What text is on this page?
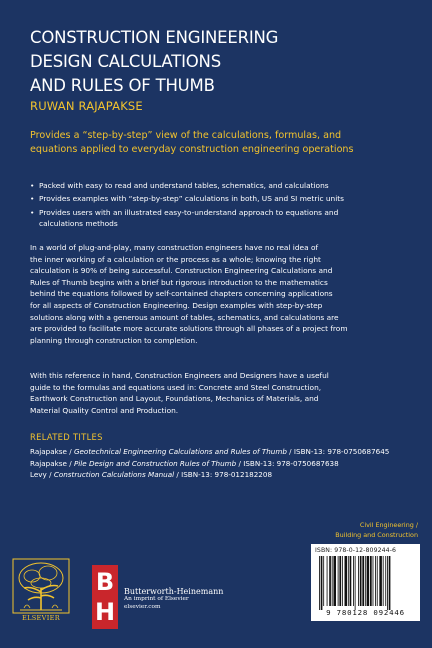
CONSTRUCTION ENGINEERING
DESIGN CALCULATIONS
AND RULES OF THUMB
RUWAN RAJAPAKSE
Provides a “step-by-step” view of the calculations, formulas, and
equations applied to everyday construction engineering operations
• Packed with easy to read and understand tables, schematics, and calculations
• Provides examples with “step-by-step” calculations in both, US and SI metric units
• Provides users with an illustrated easy-to-understand approach to equations and
calculations methods
In a world of plug-and-play, many construction engineers have no real idea of
the inner working of a calculation or the process as a whole; knowing the right
calculation is 90% of being successful. Construction Engineering Calculations and
Rules of Thumb begins with a brief but rigorous introduction to the mathematics
behind the equations followed by self-contained chapters concerning applications
for all aspects of Construction Engineering. Design examples with step-by-step
solutions along with a generous amount of tables, schematics, and calculations are
are provided to facilitate more accurate solutions through all phases of a project from
planning through construction to completion.
With this reference in hand, Construction Engineers and Designers have a useful
guide to the formulas and equations used in: Concrete and Steel Construction,
Earthwork Construction and Layout, Foundations, Mechanics of Materials, and
Material Quality Control and Production.
RELATED TITLES
Rajapakse / Geotechnical Engineering Calculations and Rules of Thumb / ISBN-13: 978-0750687645
Rajapakse / Pile Design and Construction Rules of Thumb / ISBN-13: 978-0750687638
Levy / Construction Calculations Manual / ISBN-13: 978-012182208
Civil Engineering /
Building and Construction
ISBN: 978-0-12-809244-6
9 780128 092446
ELSEVIER
B
H
Butterworth-Heinemann
An imprint of Elsevier
elsevier.com
